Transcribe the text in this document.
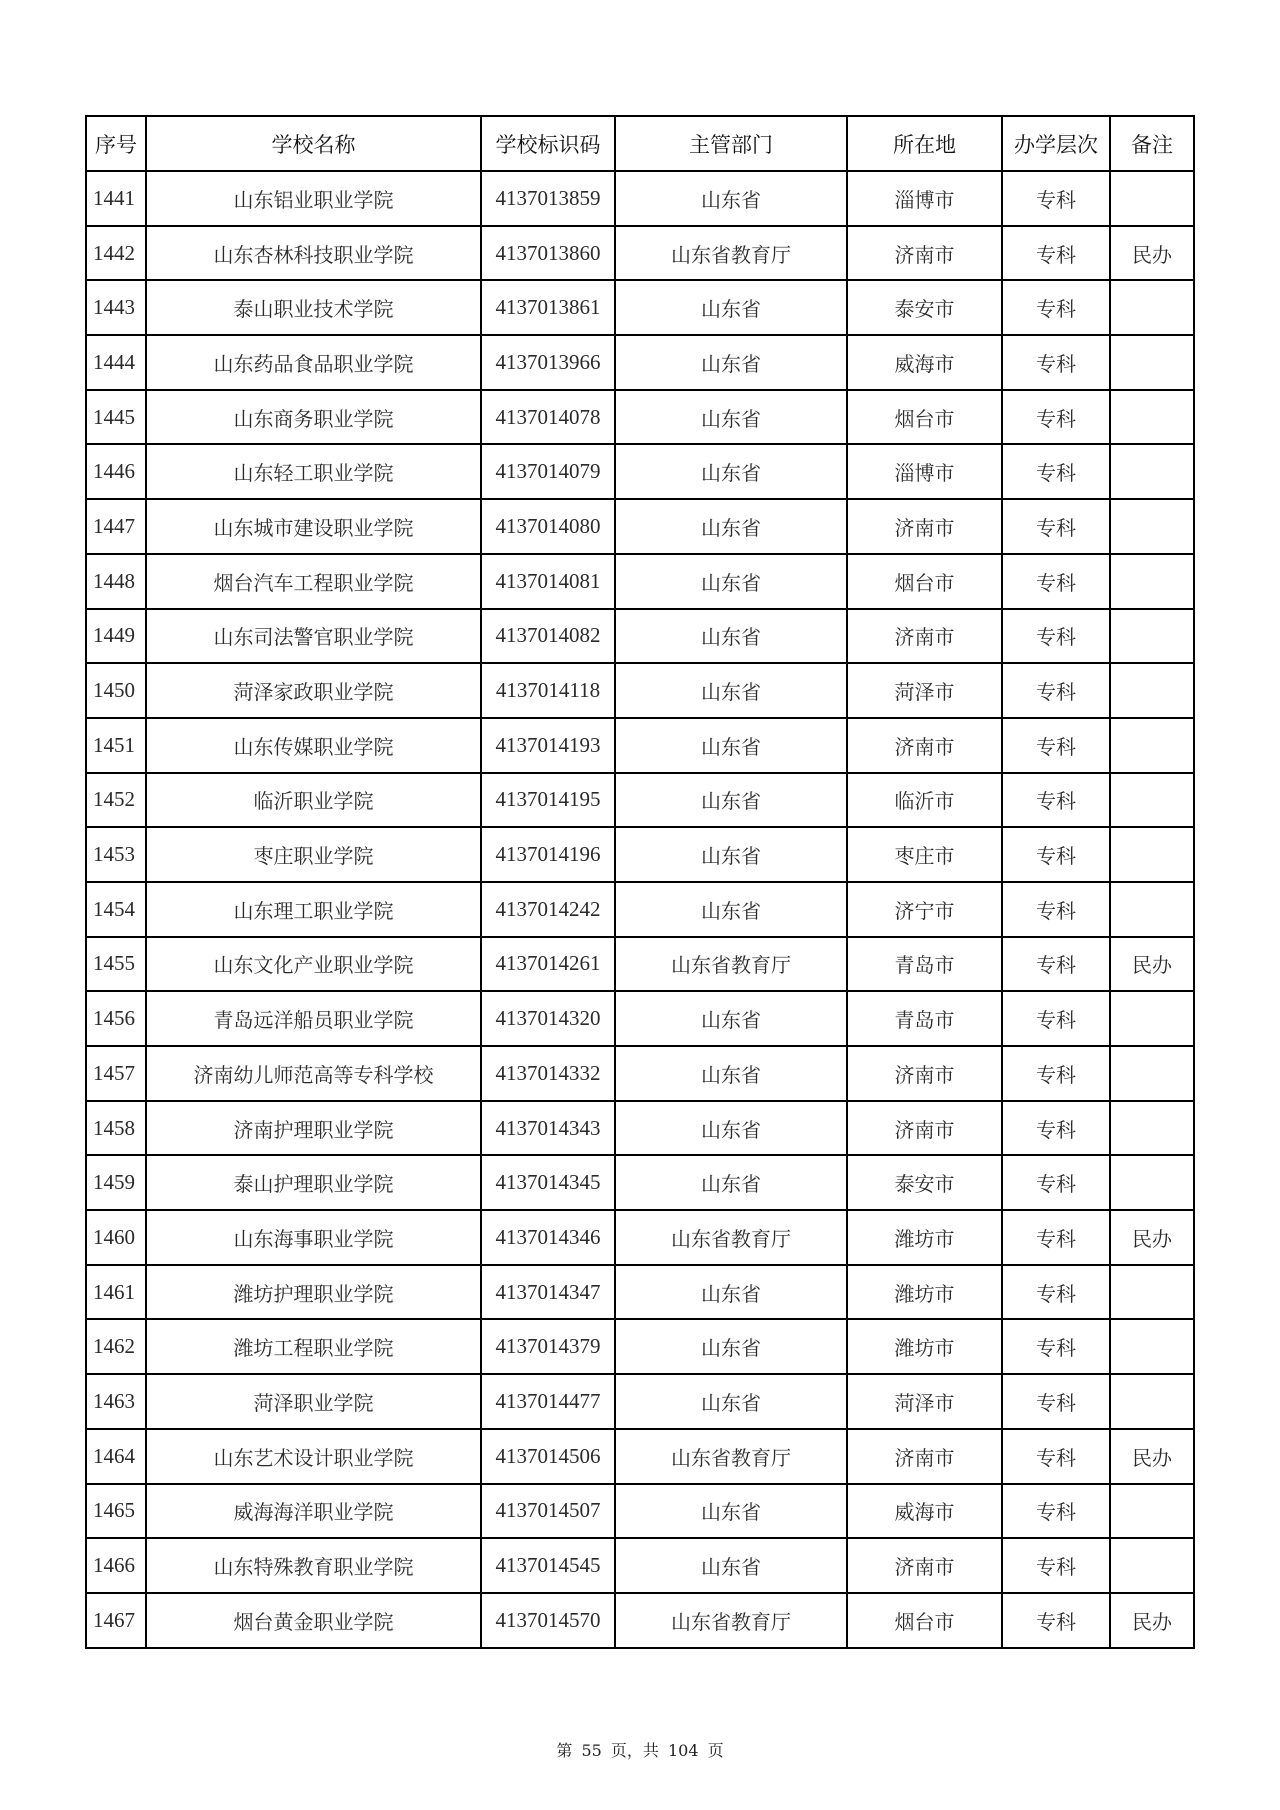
序号	学校名称	学校标识码	主管部门	所在地	办学层次	备注
1441	山东铝业职业学院	4137013859	山东省	淄博市	专科	
1442	山东杏林科技职业学院	4137013860	山东省教育厅	济南市	专科	民办
1443	泰山职业技术学院	4137013861	山东省	泰安市	专科	
1444	山东药品食品职业学院	4137013966	山东省	威海市	专科	
1445	山东商务职业学院	4137014078	山东省	烟台市	专科	
1446	山东轻工职业学院	4137014079	山东省	淄博市	专科	
1447	山东城市建设职业学院	4137014080	山东省	济南市	专科	
1448	烟台汽车工程职业学院	4137014081	山东省	烟台市	专科	
1449	山东司法警官职业学院	4137014082	山东省	济南市	专科	
1450	菏泽家政职业学院	4137014118	山东省	菏泽市	专科	
1451	山东传媒职业学院	4137014193	山东省	济南市	专科	
1452	临沂职业学院	4137014195	山东省	临沂市	专科	
1453	枣庄职业学院	4137014196	山东省	枣庄市	专科	
1454	山东理工职业学院	4137014242	山东省	济宁市	专科	
1455	山东文化产业职业学院	4137014261	山东省教育厅	青岛市	专科	民办
1456	青岛远洋船员职业学院	4137014320	山东省	青岛市	专科	
1457	济南幼儿师范高等专科学校	4137014332	山东省	济南市	专科	
1458	济南护理职业学院	4137014343	山东省	济南市	专科	
1459	泰山护理职业学院	4137014345	山东省	泰安市	专科	
1460	山东海事职业学院	4137014346	山东省教育厅	潍坊市	专科	民办
1461	潍坊护理职业学院	4137014347	山东省	潍坊市	专科	
1462	潍坊工程职业学院	4137014379	山东省	潍坊市	专科	
1463	菏泽职业学院	4137014477	山东省	菏泽市	专科	
1464	山东艺术设计职业学院	4137014506	山东省教育厅	济南市	专科	民办
1465	威海海洋职业学院	4137014507	山东省	威海市	专科	
1466	山东特殊教育职业学院	4137014545	山东省	济南市	专科	
1467	烟台黄金职业学院	4137014570	山东省教育厅	烟台市	专科	民办
第 55 页，共 104 页
